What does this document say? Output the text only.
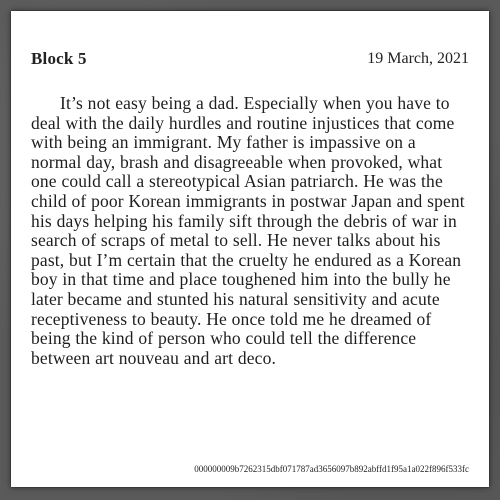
Block 5	19 March, 2021

It’s not easy being a dad. Especially when you have to deal with the daily hurdles and routine injustices that come with being an immigrant. My father is impassive on a normal day, brash and disagreeable when provoked, what one could call a stereotypical Asian patriarch. He was the child of poor Korean immigrants in postwar Japan and spent his days helping his family sift through the debris of war in search of scraps of metal to sell. He never talks about his past, but I’m certain that the cruelty he endured as a Korean boy in that time and place toughened him into the bully he later became and stunted his natural sensitivity and acute receptiveness to beauty. He once told me he dreamed of being the kind of person who could tell the difference between art nouveau and art deco.

000000009b7262315dbf071787ad3656097b892abffd1f95a1a022f896f533fc
